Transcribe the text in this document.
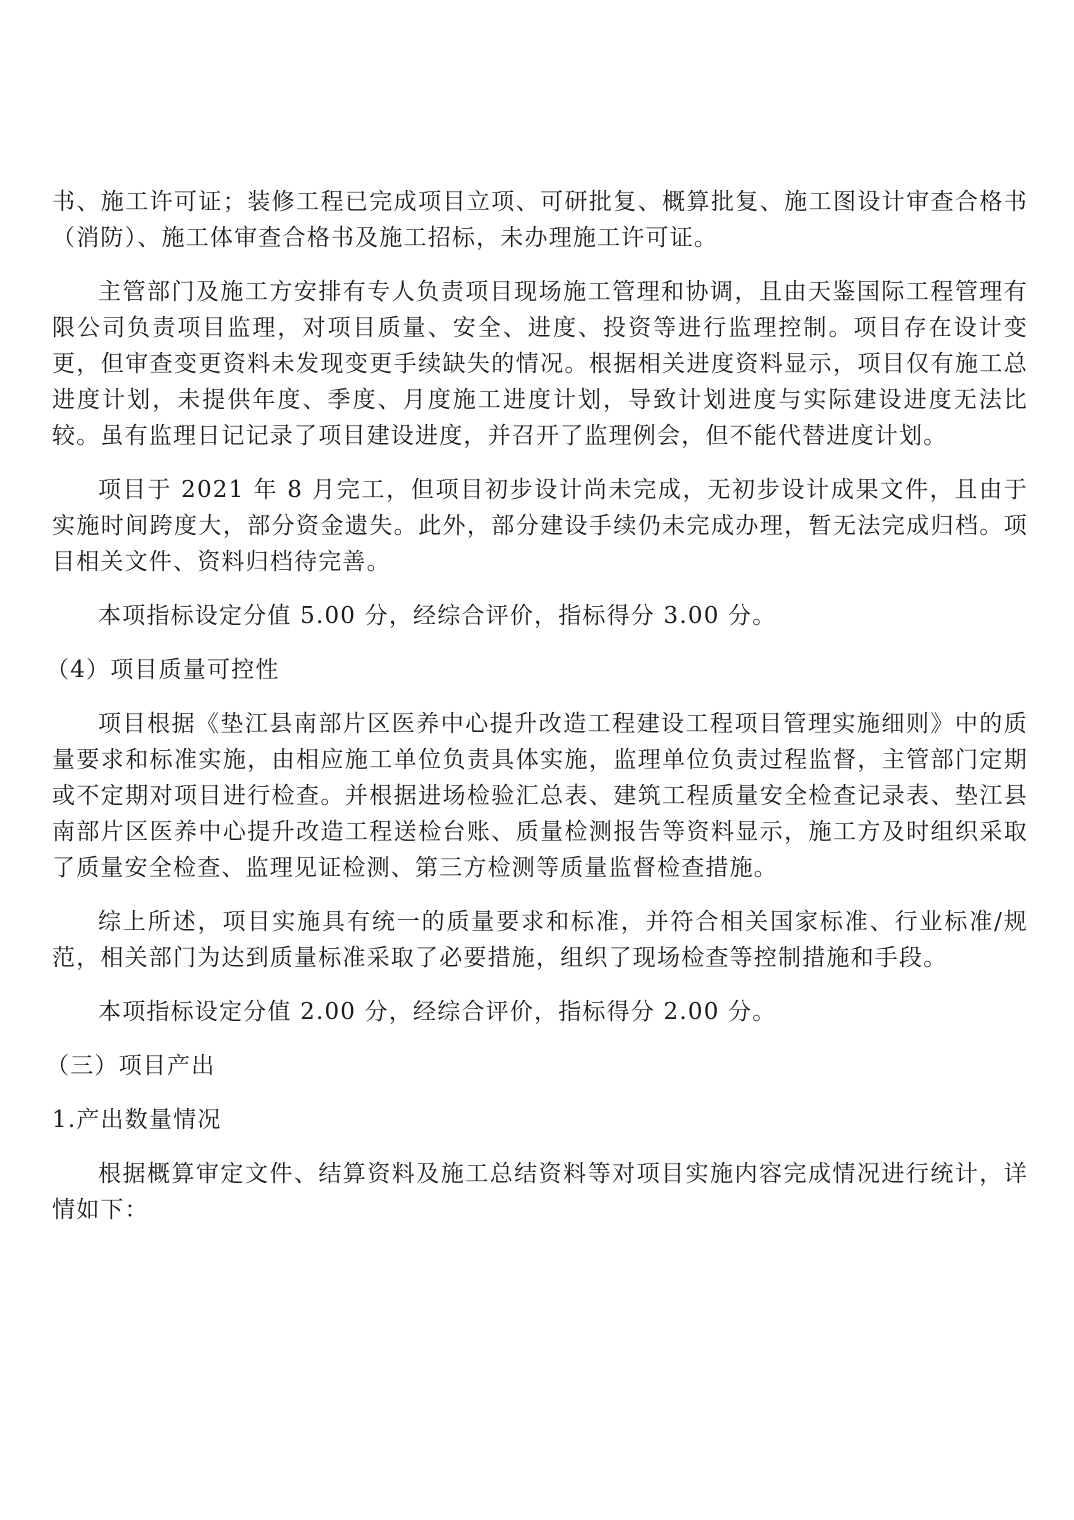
书、施工许可证；装修工程已完成项目立项、可研批复、概算批复、施工图设计审查合格书（消防）、施工体审查合格书及施工招标，未办理施工许可证。

主管部门及施工方安排有专人负责项目现场施工管理和协调，且由天鉴国际工程管理有限公司负责项目监理，对项目质量、安全、进度、投资等进行监理控制。项目存在设计变更，但审查变更资料未发现变更手续缺失的情况。根据相关进度资料显示，项目仅有施工总进度计划，未提供年度、季度、月度施工进度计划，导致计划进度与实际建设进度无法比较。虽有监理日记记录了项目建设进度，并召开了监理例会，但不能代替进度计划。

项目于 2021 年 8 月完工，但项目初步设计尚未完成，无初步设计成果文件，且由于实施时间跨度大，部分资金遗失。此外，部分建设手续仍未完成办理，暂无法完成归档。项目相关文件、资料归档待完善。

本项指标设定分值 5.00 分，经综合评价，指标得分 3.00 分。

（4）项目质量可控性

项目根据《垫江县南部片区医养中心提升改造工程建设工程项目管理实施细则》中的质量要求和标准实施，由相应施工单位负责具体实施，监理单位负责过程监督，主管部门定期或不定期对项目进行检查。并根据进场检验汇总表、建筑工程质量安全检查记录表、垫江县南部片区医养中心提升改造工程送检台账、质量检测报告等资料显示，施工方及时组织采取了质量安全检查、监理见证检测、第三方检测等质量监督检查措施。

综上所述，项目实施具有统一的质量要求和标准，并符合相关国家标准、行业标准/规范，相关部门为达到质量标准采取了必要措施，组织了现场检查等控制措施和手段。

本项指标设定分值 2.00 分，经综合评价，指标得分 2.00 分。

（三）项目产出
1.产出数量情况

根据概算审定文件、结算资料及施工总结资料等对项目实施内容完成情况进行统计，详情如下：
